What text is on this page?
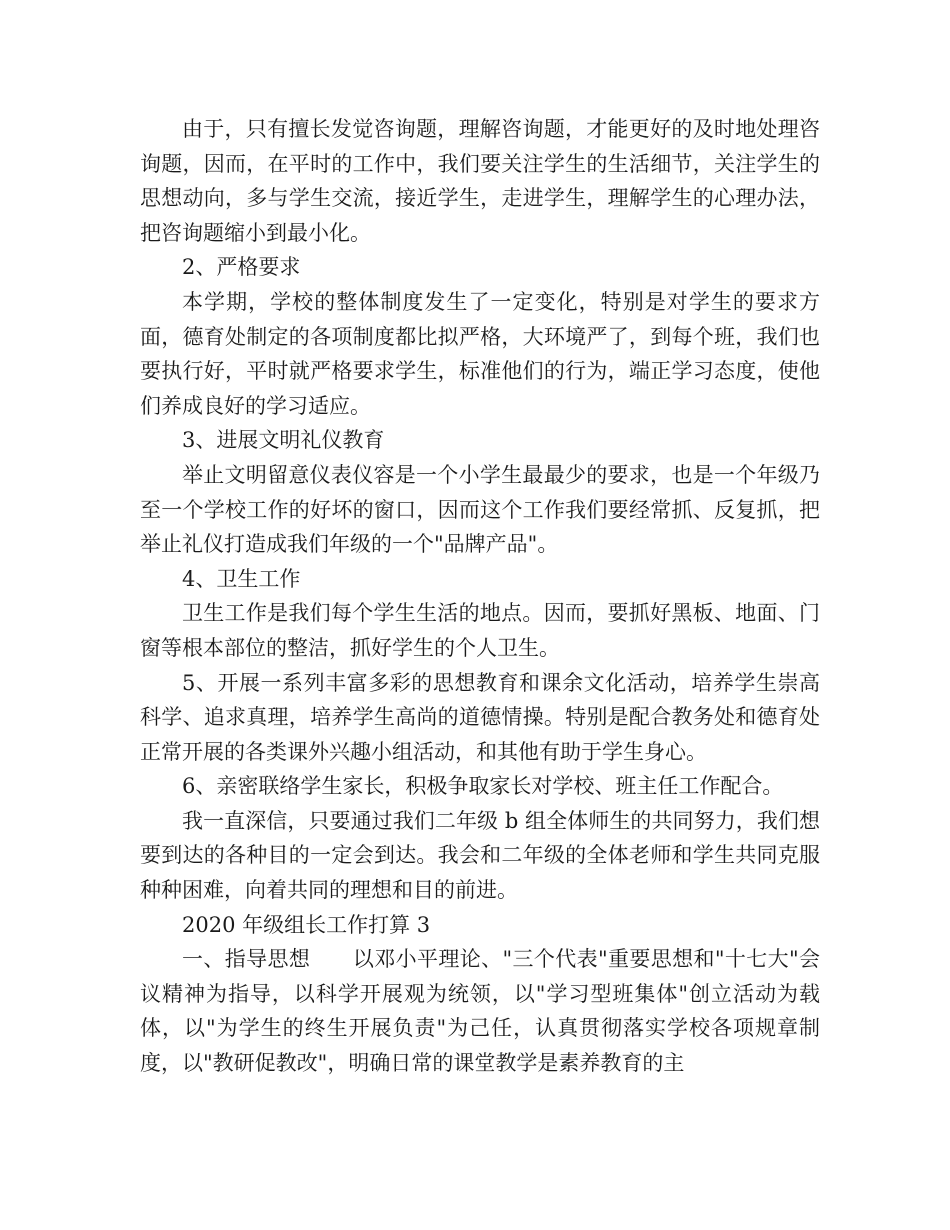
由于，只有擅长发觉咨询题，理解咨询题，才能更好的及时地处理咨询题，因而，在平时的工作中，我们要关注学生的生活细节，关注学生的思想动向，多与学生交流，接近学生，走进学生，理解学生的心理办法，把咨询题缩小到最小化。

2、严格要求

本学期，学校的整体制度发生了一定变化，特别是对学生的要求方面，德育处制定的各项制度都比拟严格，大环境严了，到每个班，我们也要执行好，平时就严格要求学生，标准他们的行为，端正学习态度，使他们养成良好的学习适应。

3、进展文明礼仪教育

举止文明留意仪表仪容是一个小学生最最少的要求，也是一个年级乃至一个学校工作的好坏的窗口，因而这个工作我们要经常抓、反复抓，把举止礼仪打造成我们年级的一个"品牌产品"。

4、卫生工作

卫生工作是我们每个学生生活的地点。因而，要抓好黑板、地面、门窗等根本部位的整洁，抓好学生的个人卫生。

5、开展一系列丰富多彩的思想教育和课余文化活动，培养学生崇高科学、追求真理，培养学生高尚的道德情操。特别是配合教务处和德育处正常开展的各类课外兴趣小组活动，和其他有助于学生身心。

6、亲密联络学生家长，积极争取家长对学校、班主任工作配合。

我一直深信，只要通过我们二年级 b 组全体师生的共同努力，我们想要到达的各种目的一定会到达。我会和二年级的全体老师和学生共同克服种种困难，向着共同的理想和目的前进。

2020 年级组长工作打算 3

一、指导思想　　以邓小平理论、"三个代表"重要思想和"十七大"会议精神为指导，以科学开展观为统领，以"学习型班集体"创立活动为载体，以"为学生的终生开展负责"为己任，认真贯彻落实学校各项规章制度，以"教研促教改"，明确日常的课堂教学是素养教育的主
